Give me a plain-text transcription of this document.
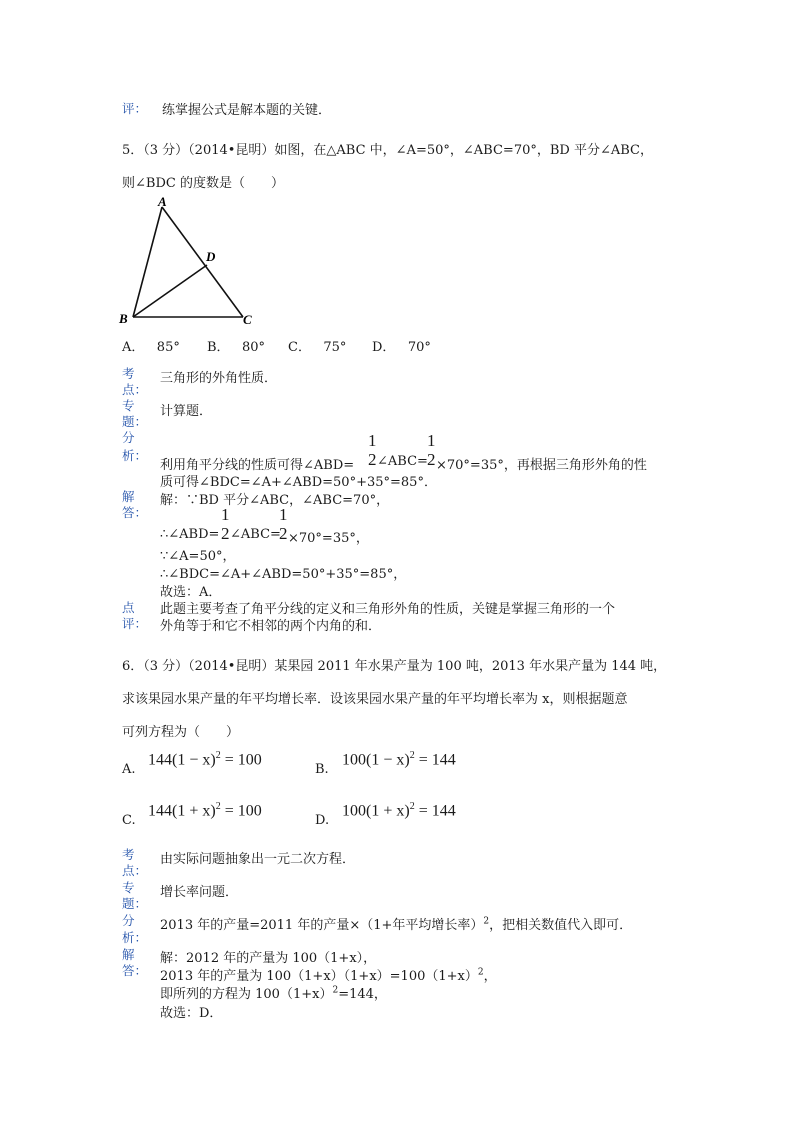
评： 练掌握公式是解本题的关键．
5．（3 分）（2014•昆明）如图，在△ABC 中，∠A=50°，∠ABC=70°，BD 平分∠ABC，
则∠BDC 的度数是（　　）
A
B	C
D
A． 85° B． 80° C． 75° D． 70°
考
点：
三角形的外角性质．
专
题：
计算题．
分
析：
利用角平分线的性质可得∠ABD=
1
2 ∠ABC=
1
2 ×70°=35°，再根据三角形外角的性
质可得∠BDC=∠A+∠ABD=50°+35°=85°．
解
答：
解：∵BD 平分∠ABC，∠ABC=70°，
∴∠ABD=
1
2 ∠ABC=
1
2 ×70°=35°，
∵∠A=50°，
∴∠BDC=∠A+∠ABD=50°+35°=85°，
故选：A．
点
评：
此题主要考查了角平分线的定义和三角形外角的性质，关键是掌握三角形的一个
外角等于和它不相邻的两个内角的和．
6．（3 分）（2014•昆明）某果园 2011 年水果产量为 100 吨，2013 年水果产量为 144 吨，
求该果园水果产量的年平均增长率．设该果园水果产量的年平均增长率为 x，则根据题意
可列方程为（　　）
A.
$144(1 - x)^2 = 100$
B.
$100(1 - x)^2 = 144$
C.
$144(1 + x)^2 = 100$
D.
$100(1 + x)^2 = 144$
考
点：
由实际问题抽象出一元二次方程．
专
题：
增长率问题．
分
析：
2013 年的产量=2011 年的产量×（1+年平均增长率）$^2$，把相关数值代入即可．
解
答：
解：2012 年的产量为 100（1+x），
2013 年的产量为 $100(1+x)(1+x)=100(1+x)^2$，
即所列的方程为 $100(1+x)^2=144$，
故选：D．
